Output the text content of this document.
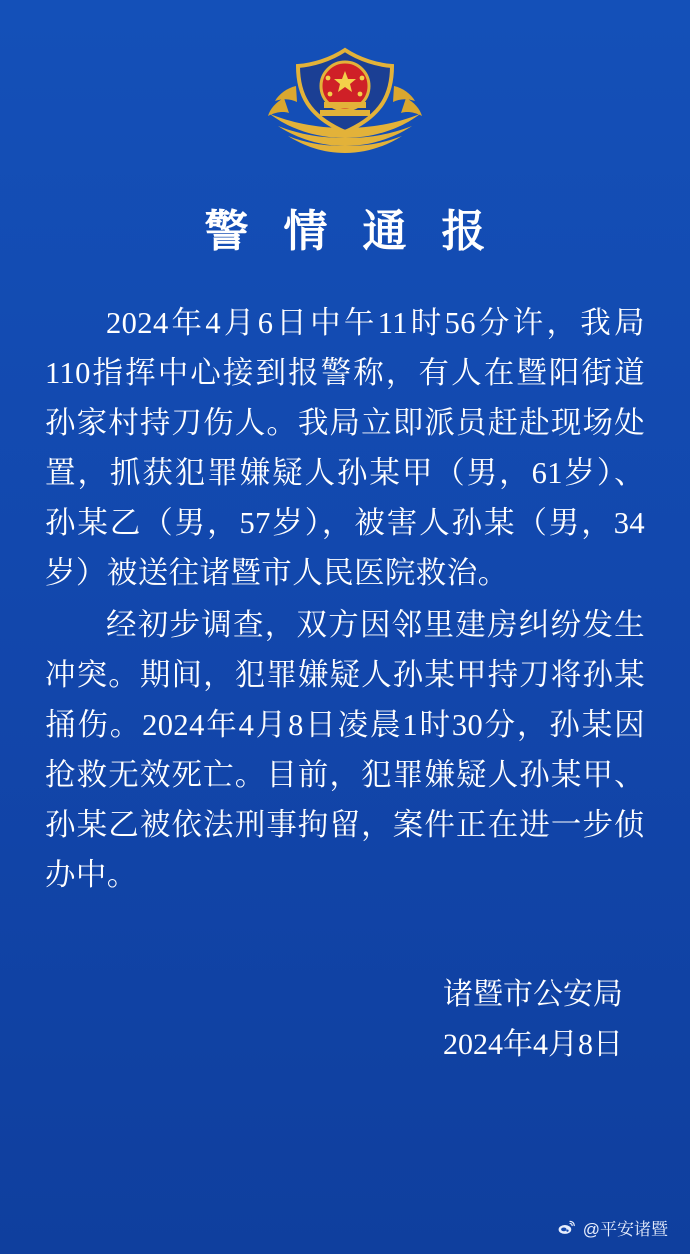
警 情 通 报

2024年4月6日中午11时56分许，我局110指挥中心接到报警称，有人在暨阳街道孙家村持刀伤人。我局立即派员赶赴现场处置，抓获犯罪嫌疑人孙某甲（男，61岁）、孙某乙（男，57岁），被害人孙某（男，34岁）被送往诸暨市人民医院救治。

经初步调查，双方因邻里建房纠纷发生冲突。期间，犯罪嫌疑人孙某甲持刀将孙某捅伤。2024年4月8日凌晨1时30分，孙某因抢救无效死亡。目前，犯罪嫌疑人孙某甲、孙某乙被依法刑事拘留，案件正在进一步侦办中。

诸暨市公安局
2024年4月8日
@平安诸暨
